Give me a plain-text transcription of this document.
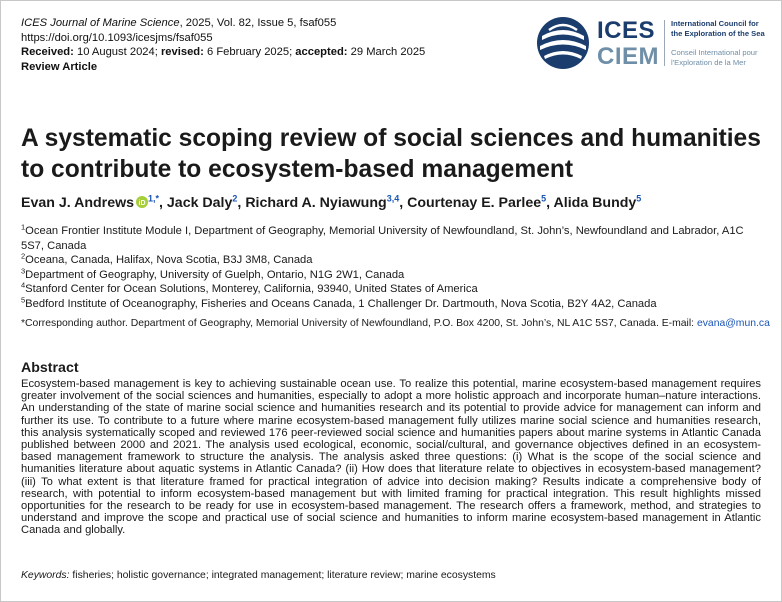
ICES Journal of Marine Science, 2025, Vol. 82, Issue 5, fsaf055
https://doi.org/10.1093/icesjms/fsaf055
Received: 10 August 2024; revised: 6 February 2025; accepted: 29 March 2025
Review Article
ICES
CIEM
International Council for
the Exploration of the Sea
Conseil International pour
l'Exploration de la Mer
A systematic scoping review of social sciences and humanities to contribute to ecosystem-based management
Evan J. Andrews iD
$^{1,*}$, Jack Daly$^2$, Richard A. Nyiawung$^{3,4}$, Courtenay E. Parlee$^5$, Alida Bundy$^5$
$^1$Ocean Frontier Institute Module I, Department of Geography, Memorial University of Newfoundland, St. John’s, Newfoundland and Labrador, A1C 5S7, Canada
$^2$Oceana, Canada, Halifax, Nova Scotia, B3J 3M8, Canada
$^3$Department of Geography, University of Guelph, Ontario, N1G 2W1, Canada
$^4$Stanford Center for Ocean Solutions, Monterey, California, 93940, United States of America
$^5$Bedford Institute of Oceanography, Fisheries and Oceans Canada, 1 Challenger Dr. Dartmouth, Nova Scotia, B2Y 4A2, Canada
*Corresponding author. Department of Geography, Memorial University of Newfoundland, P.O. Box 4200, St. John’s, NL A1C 5S7, Canada. E-mail: evana@mun.ca
Abstract

Ecosystem-based management is key to achieving sustainable ocean use. To realize this potential, marine ecosystem-based management requires greater involvement of the social sciences and humanities, especially to adopt a more holistic approach and incorporate human–nature interactions. An understanding of the state of marine social science and humanities research and its potential to provide advice for management can inform and further its use. To contribute to a future where marine ecosystem-based management fully utilizes marine social science and humanities research, this analysis systematically scoped and reviewed 176 peer-reviewed social science and humanities papers about marine systems in Atlantic Canada published between 2000 and 2021. The analysis used ecological, economic, social/cultural, and governance objectives defined in an ecosystem-based management framework to structure the analysis. The analysis asked three questions: (i) What is the scope of the social science and humanities literature about aquatic systems in Atlantic Canada? (ii) How does that literature relate to objectives in ecosystem-based management? (iii) To what extent is that literature framed for practical integration of advice into decision making? Results indicate a comprehensive body of research, with potential to inform ecosystem-based management but with limited framing for practical integration. This result highlights missed opportunities for the research to be ready for use in ecosystem-based management. The research offers a framework, method, and strategies to understand and improve the scope and practical use of social science and humanities to inform marine ecosystem-based management in Atlantic Canada and globally.

Keywords: fisheries; holistic governance; integrated management; literature review; marine ecosystems
